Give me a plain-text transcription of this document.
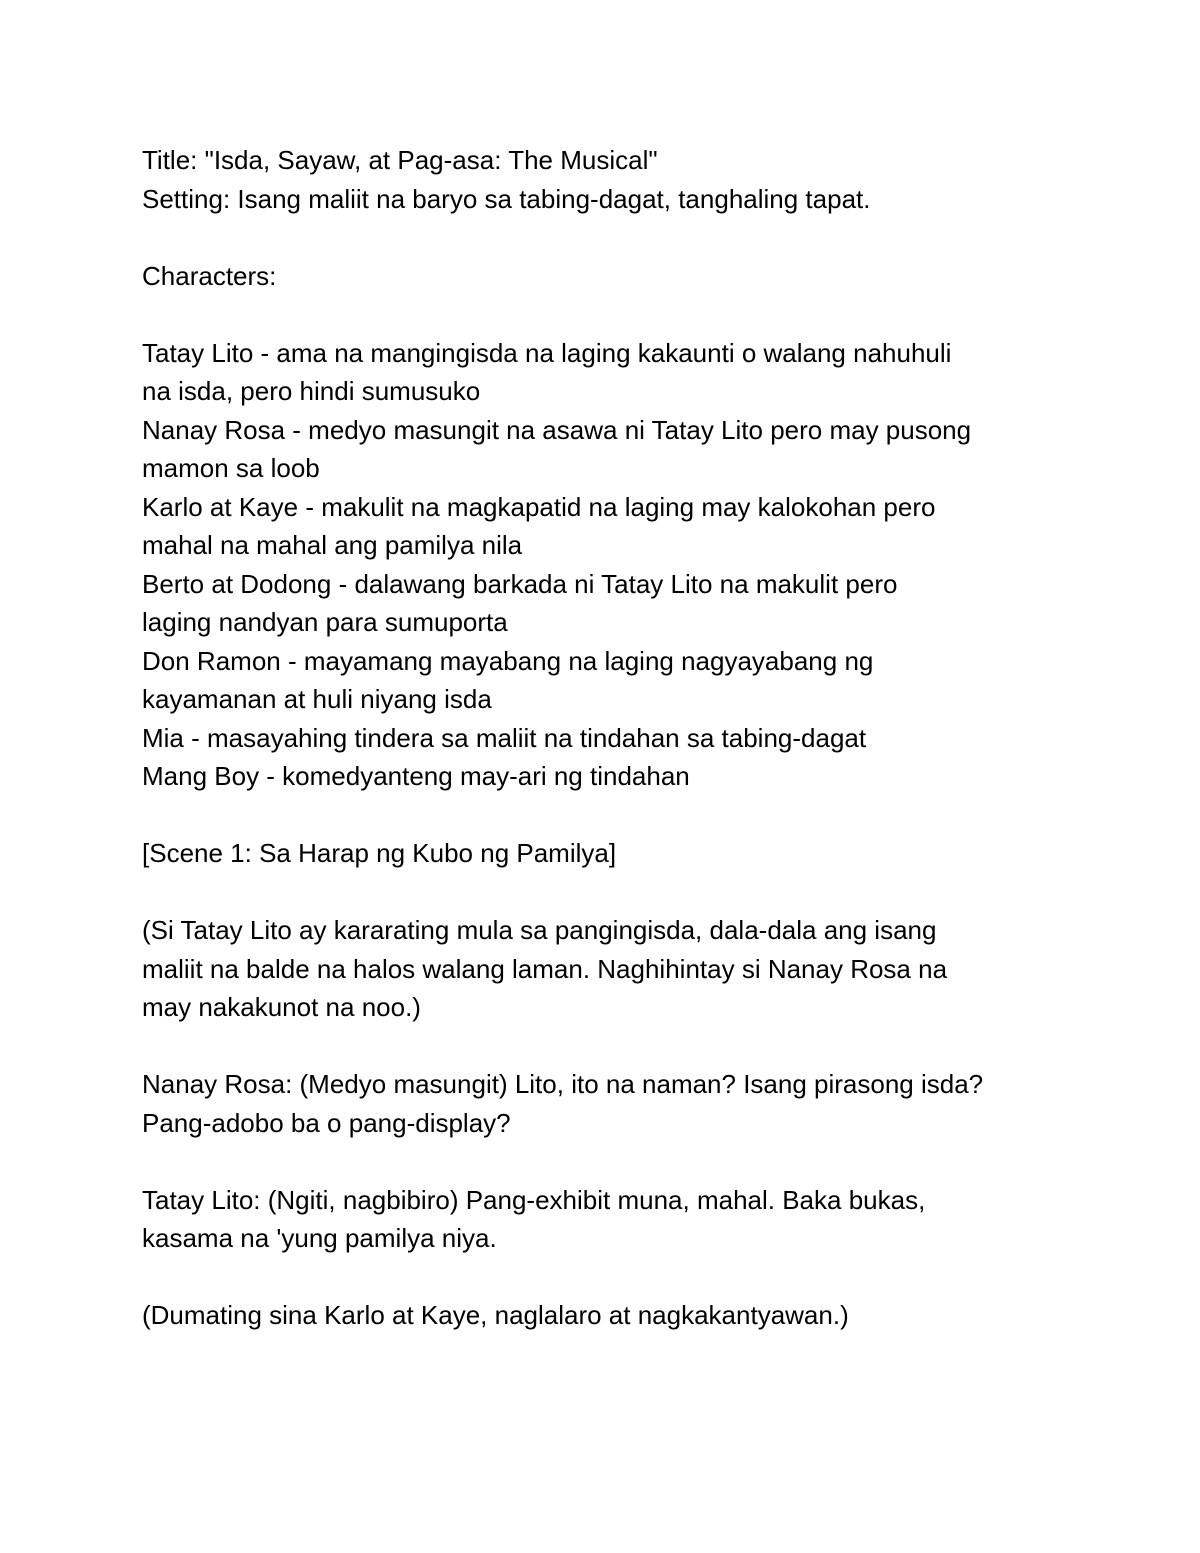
Title: "Isda, Sayaw, at Pag-asa: The Musical"
Setting: Isang maliit na baryo sa tabing-dagat, tanghaling tapat.
Characters:
Tatay Lito - ama na mangingisda na laging kakaunti o walang nahuhuli
na isda, pero hindi sumusuko
Nanay Rosa - medyo masungit na asawa ni Tatay Lito pero may pusong
mamon sa loob
Karlo at Kaye - makulit na magkapatid na laging may kalokohan pero
mahal na mahal ang pamilya nila
Berto at Dodong - dalawang barkada ni Tatay Lito na makulit pero
laging nandyan para sumuporta
Don Ramon - mayamang mayabang na laging nagyayabang ng
kayamanan at huli niyang isda
Mia - masayahing tindera sa maliit na tindahan sa tabing-dagat
Mang Boy - komedyanteng may-ari ng tindahan
[Scene 1: Sa Harap ng Kubo ng Pamilya]
(Si Tatay Lito ay kararating mula sa pangingisda, dala-dala ang isang
maliit na balde na halos walang laman. Naghihintay si Nanay Rosa na
may nakakunot na noo.)
Nanay Rosa: (Medyo masungit) Lito, ito na naman? Isang pirasong isda?
Pang-adobo ba o pang-display?
Tatay Lito: (Ngiti, nagbibiro) Pang-exhibit muna, mahal. Baka bukas,
kasama na 'yung pamilya niya.
(Dumating sina Karlo at Kaye, naglalaro at nagkakantyawan.)
